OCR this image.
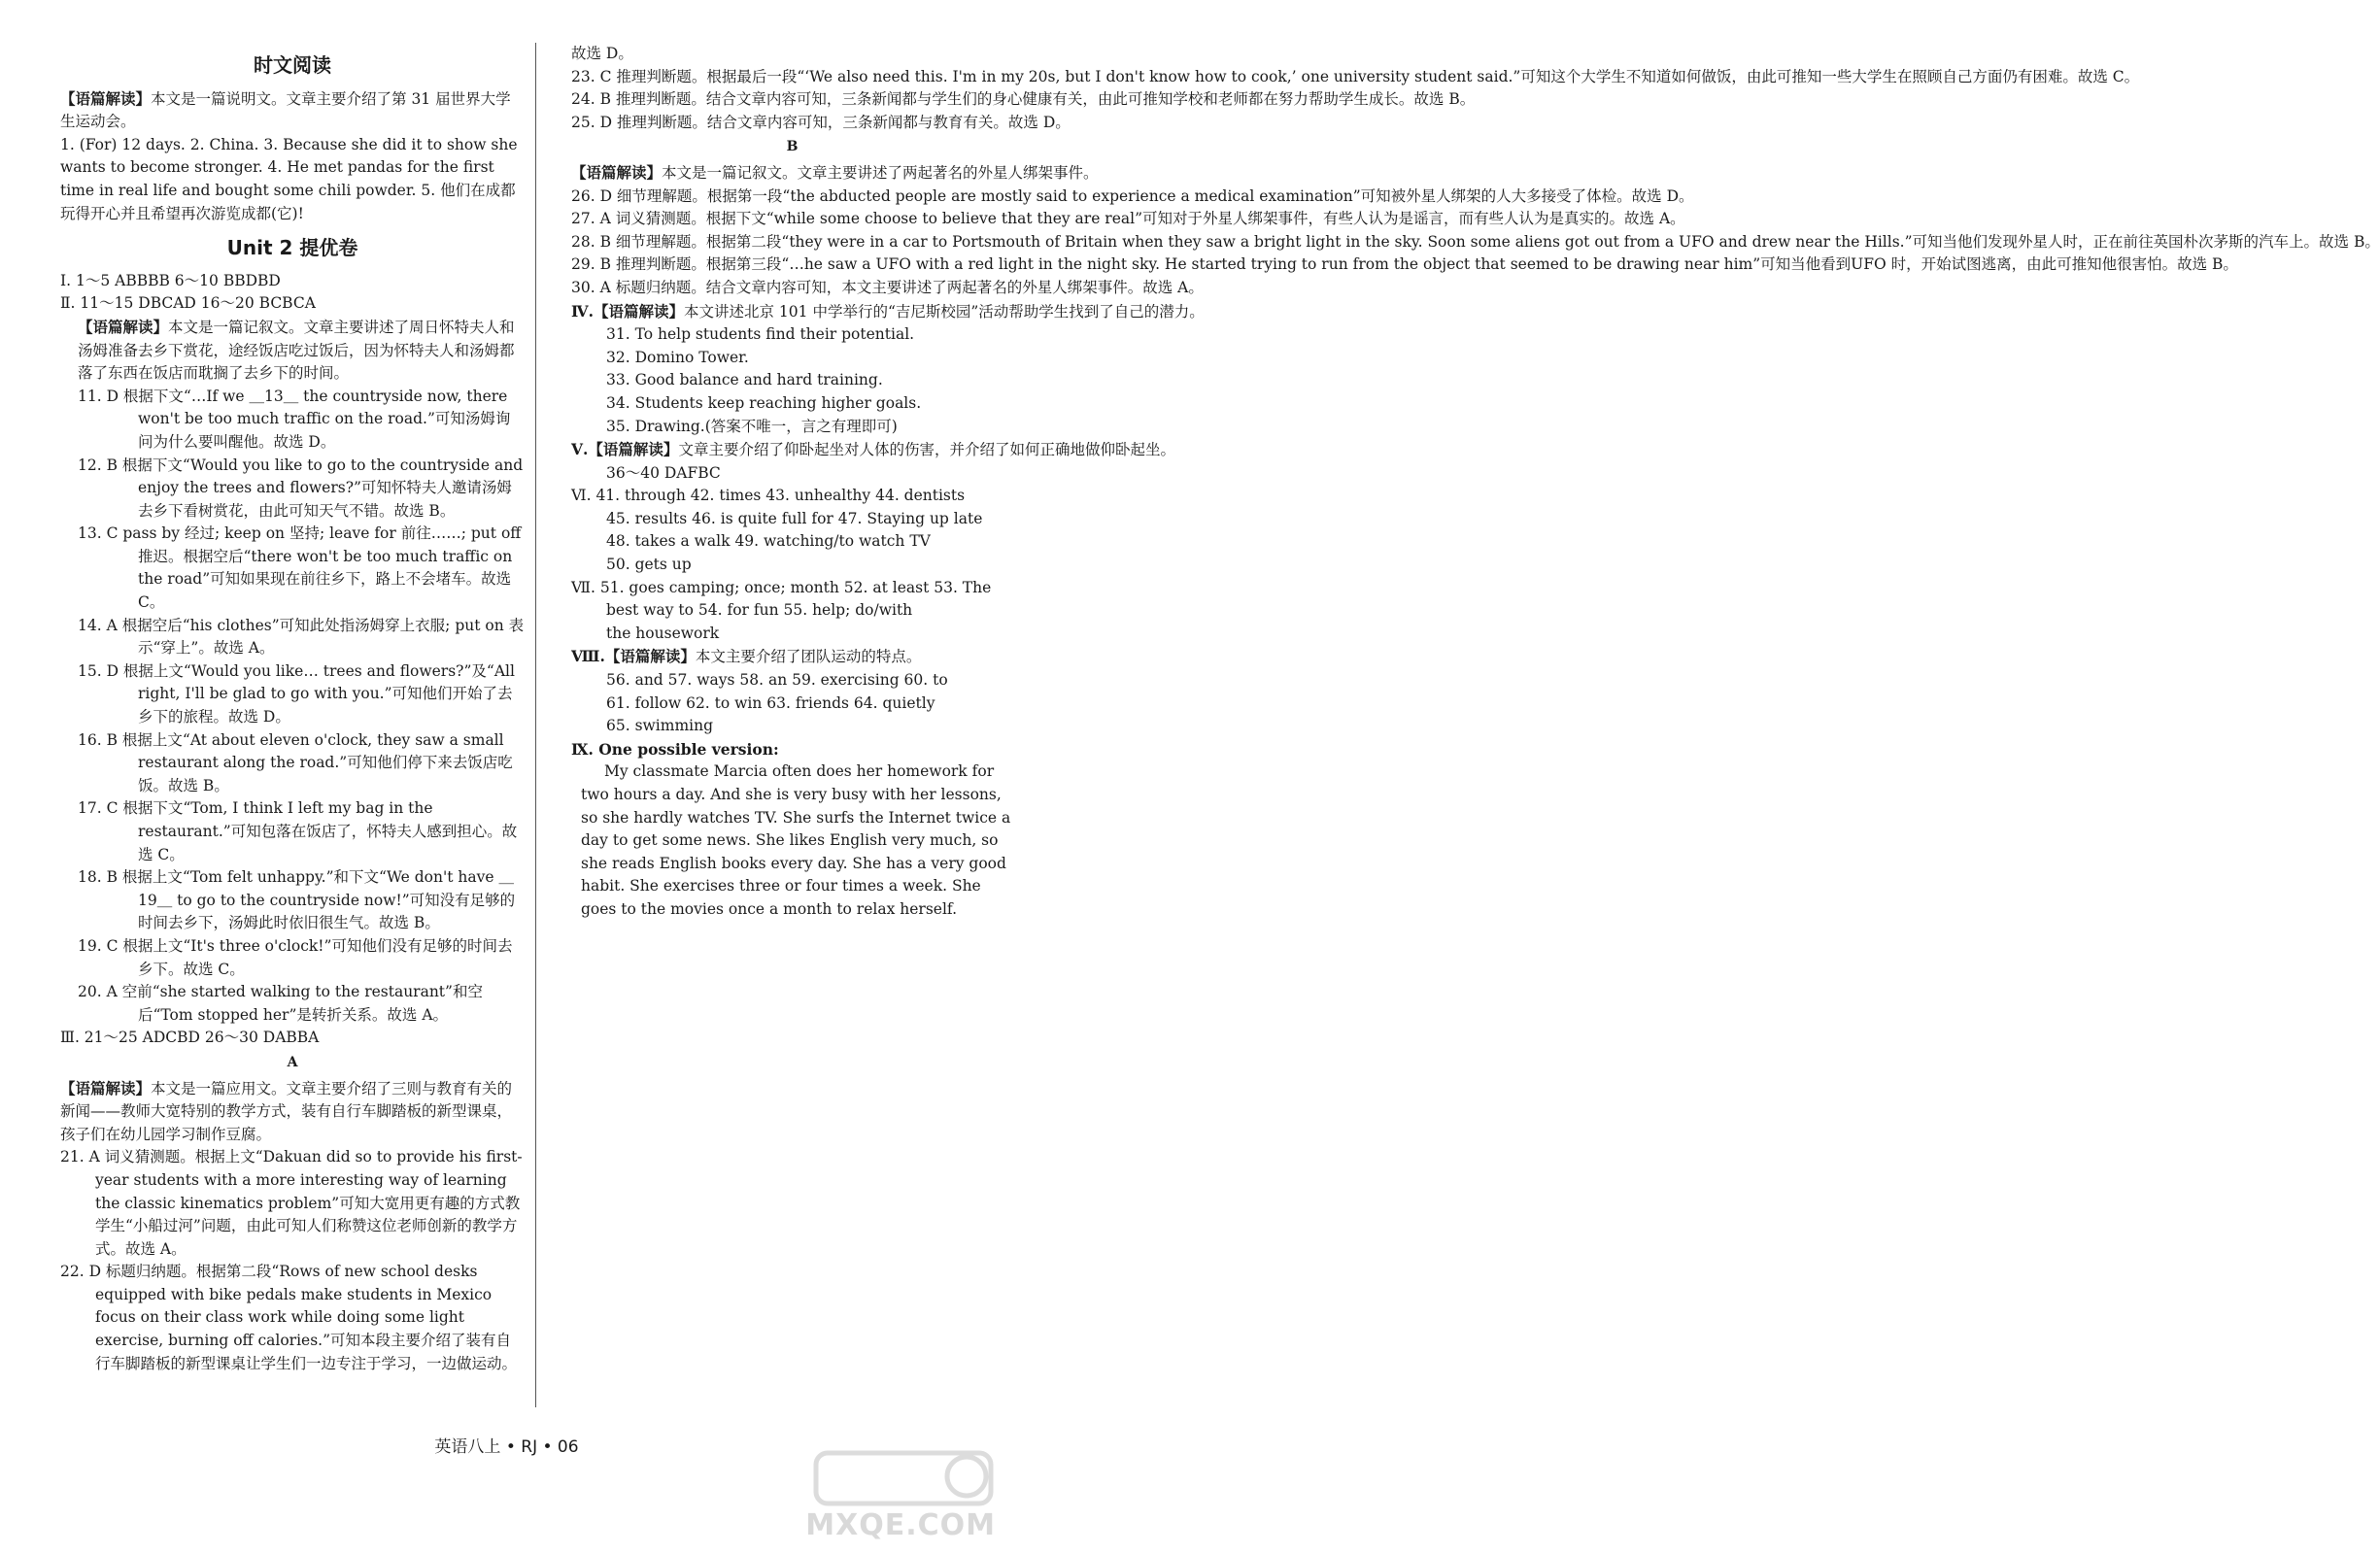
时文阅读

【语篇解读】本文是一篇说明文。文章主要介绍了第 31 届世界大学生运动会。

1. (For) 12 days. 2. China. 3. Because she did it to show she wants to become stronger. 4. He met pandas for the first time in real life and bought some chili powder. 5. 他们在成都玩得开心并且希望再次游览成都(它)!

Unit 2 提优卷

Ⅰ. 1～5 ABBBB 6～10 BBDBD

Ⅱ. 11～15 DBCAD 16～20 BCBCA

【语篇解读】本文是一篇记叙文。文章主要讲述了周日怀特夫人和汤姆准备去乡下赏花，途经饭店吃过饭后，因为怀特夫人和汤姆都落了东西在饭店而耽搁了去乡下的时间。

11. D 根据下文“…If we ＿13＿ the countryside now, there won't be too much traffic on the road.”可知汤姆询问为什么要叫醒他。故选 D。

12. B 根据下文“Would you like to go to the countryside and enjoy the trees and flowers?”可知怀特夫人邀请汤姆去乡下看树赏花，由此可知天气不错。故选 B。

13. C pass by 经过; keep on 坚持; leave for 前往……; put off 推迟。根据空后“there won't be too much traffic on the road”可知如果现在前往乡下，路上不会堵车。故选 C。

14. A 根据空后“his clothes”可知此处指汤姆穿上衣服; put on 表示“穿上”。故选 A。

15. D 根据上文“Would you like… trees and flowers?”及“All right, I'll be glad to go with you.”可知他们开始了去乡下的旅程。故选 D。

16. B 根据上文“At about eleven o'clock, they saw a small restaurant along the road.”可知他们停下来去饭店吃饭。故选 B。

17. C 根据下文“Tom, I think I left my bag in the restaurant.”可知包落在饭店了，怀特夫人感到担心。故选 C。

18. B 根据上文“Tom felt unhappy.”和下文“We don't have ＿19＿ to go to the countryside now!”可知没有足够的时间去乡下，汤姆此时依旧很生气。故选 B。

19. C 根据上文“It's three o'clock!”可知他们没有足够的时间去乡下。故选 C。

20. A 空前“she started walking to the restaurant”和空后“Tom stopped her”是转折关系。故选 A。

Ⅲ. 21～25 ADCBD 26～30 DABBA

A

【语篇解读】本文是一篇应用文。文章主要介绍了三则与教育有关的新闻——教师大宽特别的教学方式，装有自行车脚踏板的新型课桌，孩子们在幼儿园学习制作豆腐。

21. A 词义猜测题。根据上文“Dakuan did so to provide his first-year students with a more interesting way of learning the classic kinematics problem”可知大宽用更有趣的方式教学生“小船过河”问题，由此可知人们称赞这位老师创新的教学方式。故选 A。

22. D 标题归纳题。根据第二段“Rows of new school desks equipped with bike pedals make students in Mexico focus on their class work while doing some light exercise, burning off calories.”可知本段主要介绍了装有自行车脚踏板的新型课桌让学生们一边专注于学习，一边做运动。

故选 D。

23. C 推理判断题。根据最后一段“‘We also need this. I'm in my 20s, but I don't know how to cook,’ one university student said.”可知这个大学生不知道如何做饭，由此可推知一些大学生在照顾自己方面仍有困难。故选 C。

24. B 推理判断题。结合文章内容可知，三条新闻都与学生们的身心健康有关，由此可推知学校和老师都在努力帮助学生成长。故选 B。

25. D 推理判断题。结合文章内容可知，三条新闻都与教育有关。故选 D。

B

【语篇解读】本文是一篇记叙文。文章主要讲述了两起著名的外星人绑架事件。

26. D 细节理解题。根据第一段“the abducted people are mostly said to experience a medical examination”可知被外星人绑架的人大多接受了体检。故选 D。

27. A 词义猜测题。根据下文“while some choose to believe that they are real”可知对于外星人绑架事件，有些人认为是谣言，而有些人认为是真实的。故选 A。

28. B 细节理解题。根据第二段“they were in a car to Portsmouth of Britain when they saw a bright light in the sky. Soon some aliens got out from a UFO and drew near the Hills.”可知当他们发现外星人时，正在前往英国朴次茅斯的汽车上。故选 B。

29. B 推理判断题。根据第三段“…he saw a UFO with a red light in the night sky. He started trying to run from the object that seemed to be drawing near him”可知当他看到UFO 时，开始试图逃离，由此可推知他很害怕。故选 B。

30. A 标题归纳题。结合文章内容可知，本文主要讲述了两起著名的外星人绑架事件。故选 A。

Ⅳ.【语篇解读】本文讲述北京 101 中学举行的“吉尼斯校园”活动帮助学生找到了自己的潜力。

31. To help students find their potential.

32. Domino Tower.

33. Good balance and hard training.

34. Students keep reaching higher goals.

35. Drawing.(答案不唯一，言之有理即可)

Ⅴ.【语篇解读】文章主要介绍了仰卧起坐对人体的伤害，并介绍了如何正确地做仰卧起坐。

36～40 DAFBC

Ⅵ. 41. through 42. times 43. unhealthy 44. dentists

45. results 46. is quite full for 47. Staying up late

48. takes a walk 49. watching/to watch TV

50. gets up

Ⅶ. 51. goes camping; once; month 52. at least 53. The

best way to 54. for fun 55. help; do/with

the housework

Ⅷ.【语篇解读】本文主要介绍了团队运动的特点。

56. and 57. ways 58. an 59. exercising 60. to

61. follow 62. to win 63. friends 64. quietly

65. swimming

Ⅸ. One possible version:

My classmate Marcia often does her homework for two hours a day. And she is very busy with her lessons, so she hardly watches TV. She surfs the Internet twice a day to get some news. She likes English very much, so she reads English books every day. She has a very good habit. She exercises three or four times a week. She goes to the movies once a month to relax herself.

英语八上 • RJ • 06
MXQE.COM
